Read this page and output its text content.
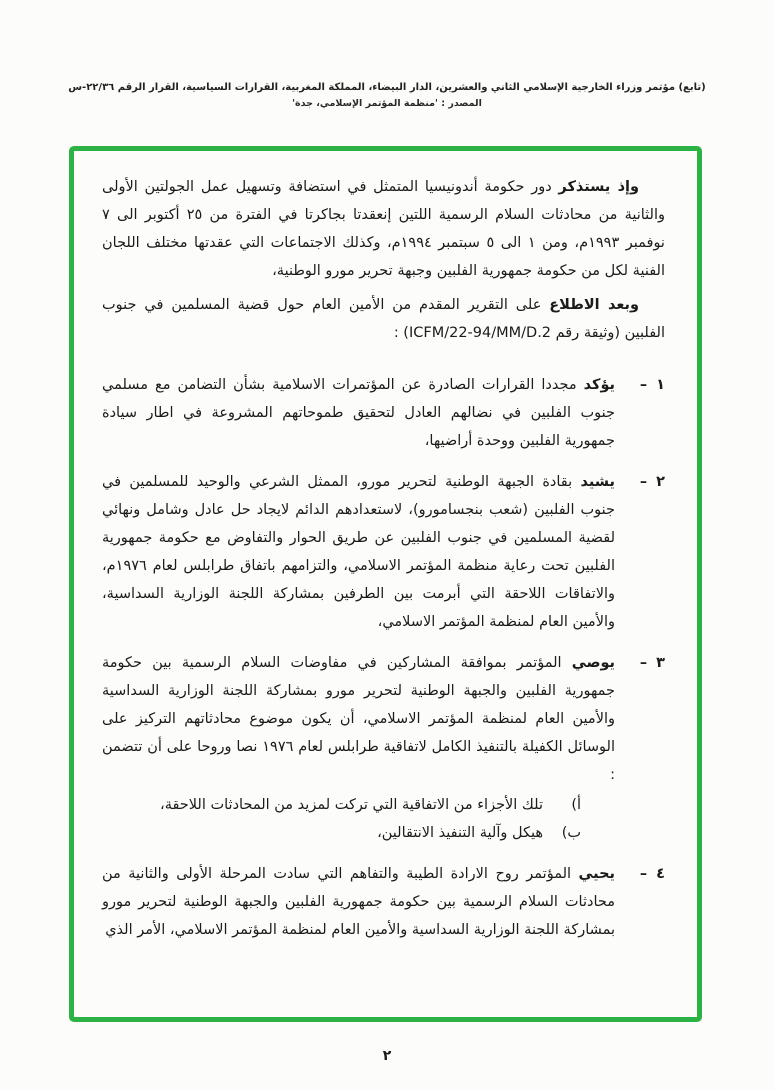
(تابع) مؤتمر وزراء الخارجية الإسلامي الثاني والعشرين، الدار البيضاء، المملكة المغربية، القرارات السياسية، القرار الرقم ٢٢/٣٦-س
المصدر : 'منظمة المؤتمر الإسلامي، جدة'

وإذ يستذكر دور حكومة أندونيسيا المتمثل في استضافة وتسهيل عمل الجولتين الأولى والثانية من محادثات السلام الرسمية اللتين إنعقدتا بجاكرتا في الفترة من ٢٥ أكتوبر الى ٧ نوفمبر ١٩٩٣م، ومن ١ الى ٥ سبتمبر ١٩٩٤م، وكذلك الاجتماعات التي عقدتها مختلف اللجان الفنية لكل من حكومة جمهورية الفلبين وجبهة تحرير مورو الوطنية،

وبعد الاطلاع على التقرير المقدم من الأمين العام حول قضية المسلمين في جنوب الفلبين (وثيقة رقم ICFM/22-94/MM/D.2) :

١
–

يؤكد مجددا القرارات الصادرة عن المؤتمرات الاسلامية بشأن التضامن مع مسلمي جنوب الفلبين في نضالهم العادل لتحقيق طموحاتهم المشروعة في اطار سيادة جمهورية الفلبين ووحدة أراضيها،

٢
–

يشيد بقادة الجبهة الوطنية لتحرير مورو، الممثل الشرعي والوحيد للمسلمين في جنوب الفلبين (شعب بنجسامورو)، لاستعدادهم الدائم لايجاد حل عادل وشامل ونهائي لقضية المسلمين في جنوب الفلبين عن طريق الحوار والتفاوض مع حكومة جمهورية الفلبين تحت رعاية منظمة المؤتمر الاسلامي، والتزامهم باتفاق طرابلس لعام ١٩٧٦م، والاتفاقات اللاحقة التي أبرمت بين الطرفين بمشاركة اللجنة الوزارية السداسية، والأمين العام لمنظمة المؤتمر الاسلامي،

٣
–

يوصي المؤتمر بموافقة المشاركين في مفاوضات السلام الرسمية بين حكومة جمهورية الفلبين والجبهة الوطنية لتحرير مورو بمشاركة اللجنة الوزارية السداسية والأمين العام لمنظمة المؤتمر الاسلامي، أن يكون موضوع محادثاتهم التركيز على الوسائل الكفيلة بالتنفيذ الكامل لاتفاقية طرابلس لعام ١٩٧٦ نصا وروحا على أن تتضمن :

أ)
تلك الأجزاء من الاتفاقية التي تركت لمزيد من المحادثات اللاحقة،
ب)
هيكل وآلية التنفيذ الانتقالين،
٤
–

يحيي المؤتمر روح الارادة الطيبة والتفاهم التي سادت المرحلة الأولى والثانية من محادثات السلام الرسمية بين حكومة جمهورية الفلبين والجبهة الوطنية لتحرير مورو بمشاركة اللجنة الوزارية السداسية والأمين العام لمنظمة المؤتمر الاسلامي، الأمر الذي

٢
